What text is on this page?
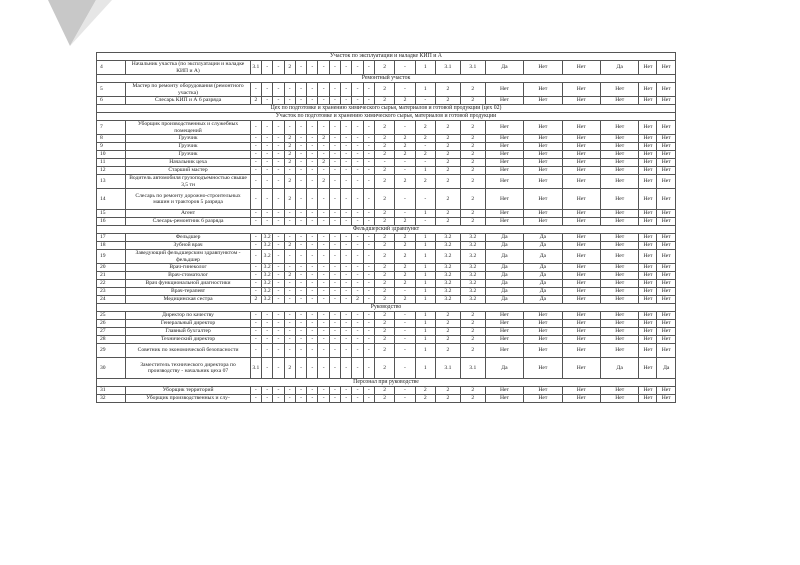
Участок по эксплуатации и наладке КИП и А																							
4	Начальник участка (по эксплуатации и наладке КИП и А)	3.1	-	-	2	-	-	-	-	-	-	-	2	-	1	3.1	3.1	Да	Нет	Нет	Да	Нет	Нет
Ремонтный участок																							
5	Мастер по ремонту оборудования (ремонтного участка)	-	-	-	-	-	-	-	-	-	-	-	2	-	1	2	2	Нет	Нет	Нет	Нет	Нет	Нет
6	Слесарь КИП и А 6 разряда	2	-	-	-	-	-	-	-	-	-	-	2	2	-	2	2	Нет	Нет	Нет	Нет	Нет	Нет
Цех по подготовке и хранению химического сырья, материалов и готовой продукции (цех 02)																							
Участок по подготовке и хранению химического сырья, материалов и готовой продукции																							
7	Уборщик производственных и служебных помещений	-	-	-	-	-	-	-	-	-	-	-	2	-	2	2	2	Нет	Нет	Нет	Нет	Нет	Нет
8	Грузчик	-	-	-	2	-	-	2	-	-	-	-	2	2	2	2	2	Нет	Нет	Нет	Нет	Нет	Нет
9	Грузчик	-	-	-	2	-	-	-	-	-	-	-	2	2	-	2	2	Нет	Нет	Нет	Нет	Нет	Нет
10	Грузчик	-	-	-	2	-	-	-	-	-	-	-	2	2	2	2	2	Нет	Нет	Нет	Нет	Нет	Нет
11	Начальник цеха	-	-	-	2	-	-	2	-	-	-	-	-	-	-	2	2	Нет	Нет	Нет	Нет	Нет	Нет
12	Старший мастер	-	-	-	-	-	-	-	-	-	-	-	2	-	1	2	2	Нет	Нет	Нет	Нет	Нет	Нет
13	Водитель автомобиля грузоподъемностью свыше 3,5 тн	-	-	-	2	-	-	2	-	-	-	-	2	2	2	2	2	Нет	Нет	Нет	Нет	Нет	Нет
14	Слесарь по ремонту дорожно-строительных машин и тракторов 5 разряда	-	-	-	2	-	-	-	-	-	-	-	2	-	-	2	2	Нет	Нет	Нет	Нет	Нет	Нет
15	Агент	-	-	-	-	-	-	-	-	-	-	-	2	-	1	2	2	Нет	Нет	Нет	Нет	Нет	Нет
16	Слесарь-ремонтник 6 разряда	-	-	-	-	-	-	-	-	-	-	-	2	2	-	2	2	Нет	Нет	Нет	Нет	Нет	Нет
Фельдшерский здравпункт																							
17	Фельдшер	-	3.2	-	-	-	-	-	-	-	-	-	2	2	1	3.2	3.2	Да	Да	Нет	Нет	Нет	Нет
18	Зубной врач	-	3.2	-	2	-	-	-	-	-	-	-	2	2	1	3.2	3.2	Да	Да	Нет	Нет	Нет	Нет
19	Заведующий фельдшерским здравпунктом - фельдшер	-	3.2	-	-	-	-	-	-	-	-	-	2	2	1	3.2	3.2	Да	Да	Нет	Нет	Нет	Нет
20	Врач-гинеколог	-	3.2	-	-	-	-	-	-	-	-	-	2	2	1	3.2	3.2	Да	Да	Нет	Нет	Нет	Нет
21	Врач-стоматолог	-	3.2	-	2	-	-	-	-	-	-	-	2	2	1	3.2	3.2	Да	Да	Нет	Нет	Нет	Нет
22	Врач функциональной диагностики	-	3.2	-	-	-	-	-	-	-	-	-	2	2	1	3.2	3.2	Да	Да	Нет	Нет	Нет	Нет
23	Врач-терапевт	-	3.2	-	-	-	-	-	-	-	-	-	2	-	1	3.2	3.2	Да	Да	Нет	Нет	Нет	Нет
24	Медицинская сестра	2	3.2	-	-	-	-	-	-	-	2	-	2	2	1	3.2	3.2	Да	Да	Нет	Нет	Нет	Нет
Руководство																							
25	Директор по качеству	-	-	-	-	-	-	-	-	-	-	-	2	-	1	2	2	Нет	Нет	Нет	Нет	Нет	Нет
26	Генеральный директор	-	-	-	-	-	-	-	-	-	-	-	2	-	1	2	2	Нет	Нет	Нет	Нет	Нет	Нет
27	Главный бухгалтер	-	-	-	-	-	-	-	-	-	-	-	2	-	1	2	2	Нет	Нет	Нет	Нет	Нет	Нет
28	Технический директор	-	-	-	-	-	-	-	-	-	-	-	2	-	1	2	2	Нет	Нет	Нет	Нет	Нет	Нет
29	Советник по экономической безопасности	-	-	-	-	-	-	-	-	-	-	-	2	-	1	2	2	Нет	Нет	Нет	Нет	Нет	Нет
30	Заместитель технического директора по производству - начальник цеха 07	3.1	-	-	2	-	-	-	-	-	-	-	2	-	1	3.1	3.1	Да	Нет	Нет	Да	Нет	Да
Персонал при руководстве																							
31	Уборщик территорий	-	-	-	-	-	-	-	-	-	-	-	2	-	2	2	2	Нет	Нет	Нет	Нет	Нет	Нет
32	Уборщик производственных и слу-	-	-	-	-	-	-	-	-	-	-	-	2	-	2	2	2	Нет	Нет	Нет	Нет	Нет	Нет
